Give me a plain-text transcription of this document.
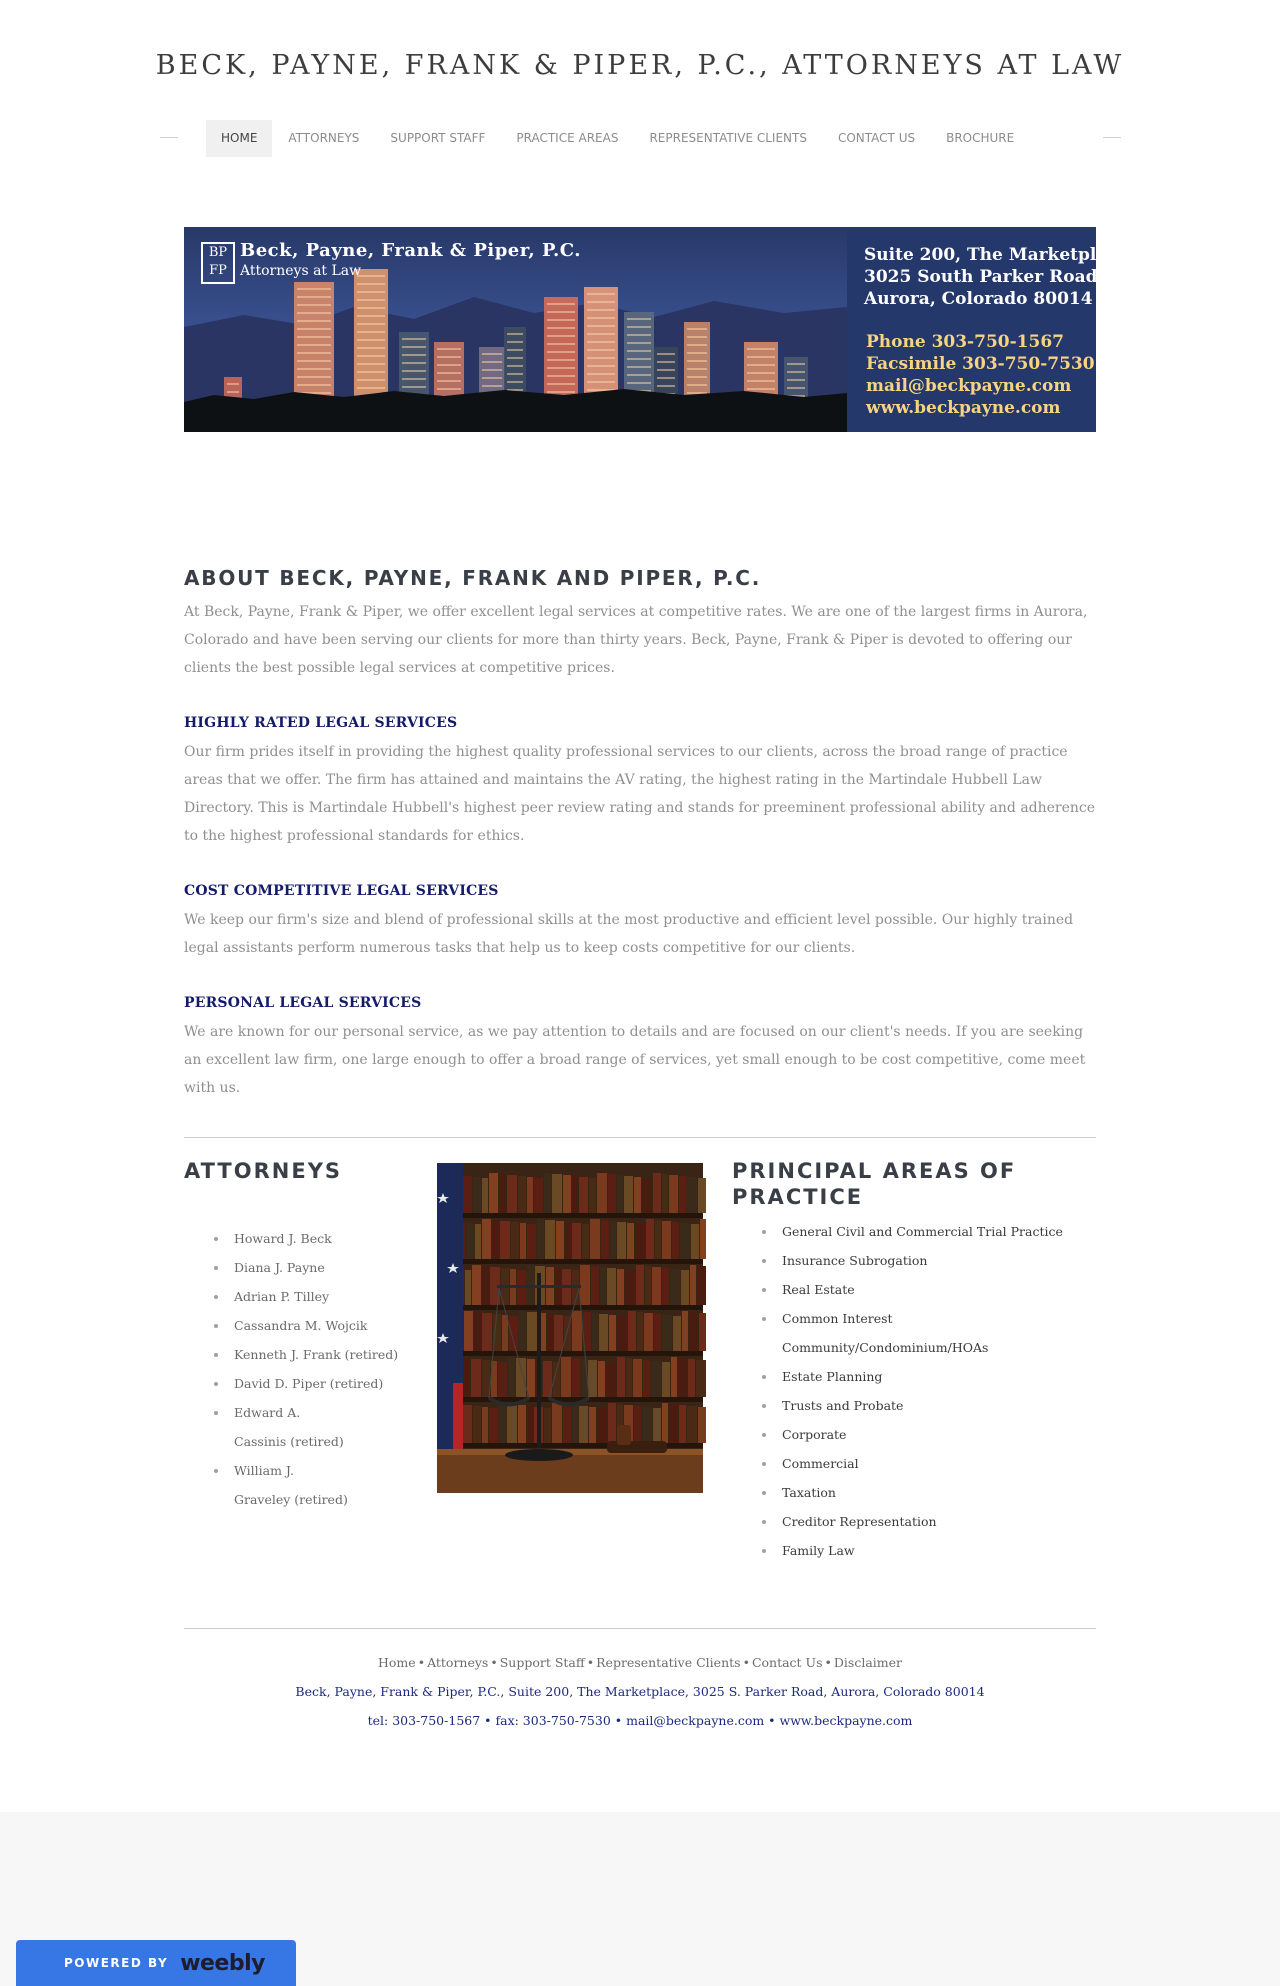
BECK, PAYNE, FRANK & PIPER, P.C., ATTORNEYS AT LAW
HOME	ATTORNEYS	SUPPORT STAFF	PRACTICE AREAS	REPRESENTATIVE CLIENTS	CONTACT US	BROCHURE
BP
FP
Beck, Payne, Frank & Piper, P.C.
Attorneys at Law
Suite 200, The Marketplace
3025 South Parker Road
Aurora, Colorado 80014
Phone 303-750-1567
Facsimile 303-750-7530
mail@beckpayne.com
www.beckpayne.com
ABOUT BECK, PAYNE, FRANK AND PIPER, P.C.

At Beck, Payne, Frank & Piper, we offer excellent legal services at competitive rates. We are one of the largest firms in Aurora, Colorado and have been serving our clients for more than thirty years. Beck, Payne, Frank & Piper is devoted to offering our clients the best possible legal services at competitive prices.

HIGHLY RATED LEGAL SERVICES

Our firm prides itself in providing the highest quality professional services to our clients, across the broad range of practice areas that we offer. The firm has attained and maintains the AV rating, the highest rating in the Martindale Hubbell Law Directory. This is Martindale Hubbell's highest peer review rating and stands for preeminent professional ability and adherence to the highest professional standards for ethics.

COST COMPETITIVE LEGAL SERVICES

We keep our firm's size and blend of professional skills at the most productive and efficient level possible. Our highly trained legal assistants perform numerous tasks that help us to keep costs competitive for our clients.

PERSONAL LEGAL SERVICES

We are known for our personal service, as we pay attention to details and are focused on our client's needs. If you are seeking an excellent law firm, one large enough to offer a broad range of services, yet small enough to be cost competitive, come meet with us.

ATTORNEYS
Howard J. Beck
Diana J. Payne
Adrian P. Tilley
Cassandra M. Wojcik
Kenneth J. Frank (retired)
David D. Piper (retired)
Edward A.
Cassinis (retired)
William J.
Graveley (retired)
PRINCIPAL AREAS OF
PRACTICE
General Civil and Commercial Trial Practice
Insurance Subrogation
Real Estate
Common Interest
Community/Condominium/HOAs
Estate Planning
Trusts and Probate
Corporate
Commercial
Taxation
Creditor Representation
Family Law
Home • Attorneys • Support Staff • Representative Clients • Contact Us • Disclaimer
Beck, Payne, Frank & Piper, P.C., Suite 200, The Marketplace, 3025 S. Parker Road, Aurora, Colorado 80014
tel: 303-750-1567 • fax: 303-750-7530 • mail@beckpayne.com • www.beckpayne.com
POWERED BY weebly
